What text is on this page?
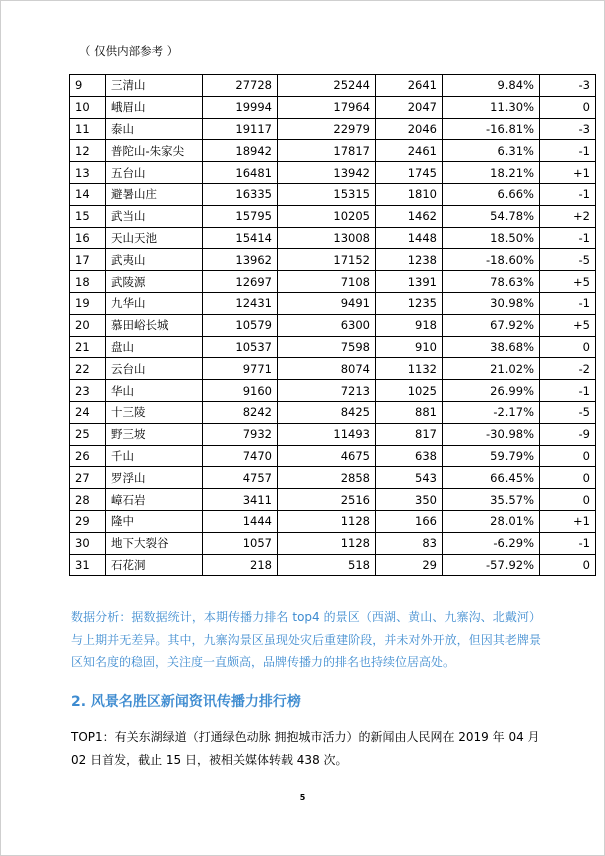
（ 仅供内部参考 ）
9	三清山	27728	25244	2641	9.84%	-3
10	峨眉山	19994	17964	2047	11.30%	0
11	泰山	19117	22979	2046	-16.81%	-3
12	普陀山-朱家尖	18942	17817	2461	6.31%	-1
13	五台山	16481	13942	1745	18.21%	+1
14	避暑山庄	16335	15315	1810	6.66%	-1
15	武当山	15795	10205	1462	54.78%	+2
16	天山天池	15414	13008	1448	18.50%	-1
17	武夷山	13962	17152	1238	-18.60%	-5
18	武陵源	12697	7108	1391	78.63%	+5
19	九华山	12431	9491	1235	30.98%	-1
20	慕田峪长城	10579	6300	918	67.92%	+5
21	盘山	10537	7598	910	38.68%	0
22	云台山	9771	8074	1132	21.02%	-2
23	华山	9160	7213	1025	26.99%	-1
24	十三陵	8242	8425	881	-2.17%	-5
25	野三坡	7932	11493	817	-30.98%	-9
26	千山	7470	4675	638	59.79%	0
27	罗浮山	4757	2858	543	66.45%	0
28	嶂石岩	3411	2516	350	35.57%	0
29	隆中	1444	1128	166	28.01%	+1
30	地下大裂谷	1057	1128	83	-6.29%	-1
31	石花洞	218	518	29	-57.92%	0
数据分析：据数据统计，本期传播力排名 top4 的景区（西湖、黄山、九寨沟、北戴河）与上期并无差异。其中，九寨沟景区虽现处灾后重建阶段，并未对外开放，但因其老牌景区知名度的稳固，关注度一直颇高，品牌传播力的排名也持续位居高处。
2. 风景名胜区新闻资讯传播力排行榜
TOP1：有关东湖绿道（打通绿色动脉 拥抱城市活力）的新闻由人民网在 2019 年 04 月 02 日首发，截止 15 日，被相关媒体转载 438 次。
5
